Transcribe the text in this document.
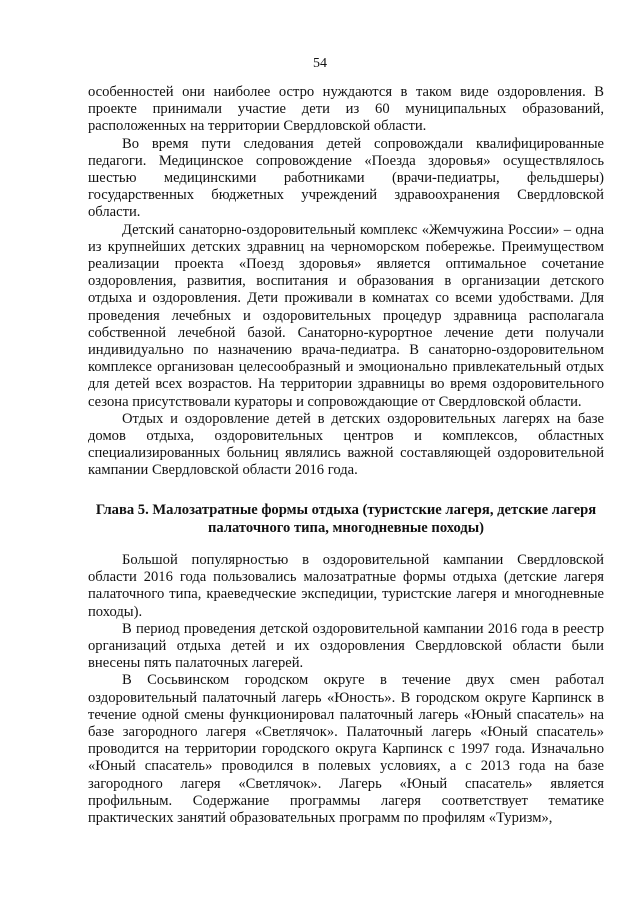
54

особенностей они наиболее остро нуждаются в таком виде оздоровления. В проекте принимали участие дети из 60 муниципальных образований, расположенных на территории Свердловской области.

Во время пути следования детей сопровождали квалифицированные педагоги. Медицинское сопровождение «Поезда здоровья» осуществлялось шестью медицинскими работниками (врачи-педиатры, фельдшеры) государственных бюджетных учреждений здравоохранения Свердловской области.

Детский санаторно-оздоровительный комплекс «Жемчужина России» – одна из крупнейших детских здравниц на черноморском побережье. Преимуществом реализации проекта «Поезд здоровья» является оптимальное сочетание оздоровления, развития, воспитания и образования в организации детского отдыха и оздоровления. Дети проживали в комнатах со всеми удобствами. Для проведения лечебных и оздоровительных процедур здравница располагала собственной лечебной базой. Санаторно-курортное лечение дети получали индивидуально по назначению врача-педиатра. В санаторно-оздоровительном комплексе организован целесообразный и эмоционально привлекательный отдых для детей всех возрастов. На территории здравницы во время оздоровительного сезона присутствовали кураторы и сопровождающие от Свердловской области.

Отдых и оздоровление детей в детских оздоровительных лагерях на базе домов отдыха, оздоровительных центров и комплексов, областных специализированных больниц являлись важной составляющей оздоровительной кампании Свердловской области 2016 года.

Глава 5. Малозатратные формы отдыха (туристские лагеря, детские лагеря палаточного типа, многодневные походы)

Большой популярностью в оздоровительной кампании Свердловской области 2016 года пользовались малозатратные формы отдыха (детские лагеря палаточного типа, краеведческие экспедиции, туристские лагеря и многодневные походы).

В период проведения детской оздоровительной кампании 2016 года в реестр организаций отдыха детей и их оздоровления Свердловской области были внесены пять палаточных лагерей.

В Сосьвинском городском округе в течение двух смен работал оздоровительный палаточный лагерь «Юность». В городском округе Карпинск в течение одной смены функционировал палаточный лагерь «Юный спасатель» на базе загородного лагеря «Светлячок». Палаточный лагерь «Юный спасатель» проводится на территории городского округа Карпинск с 1997 года. Изначально «Юный спасатель» проводился в полевых условиях, а с 2013 года на базе загородного лагеря «Светлячок». Лагерь «Юный спасатель» является профильным. Содержание программы лагеря соответствует тематике практических занятий образовательных программ по профилям «Туризм»,
